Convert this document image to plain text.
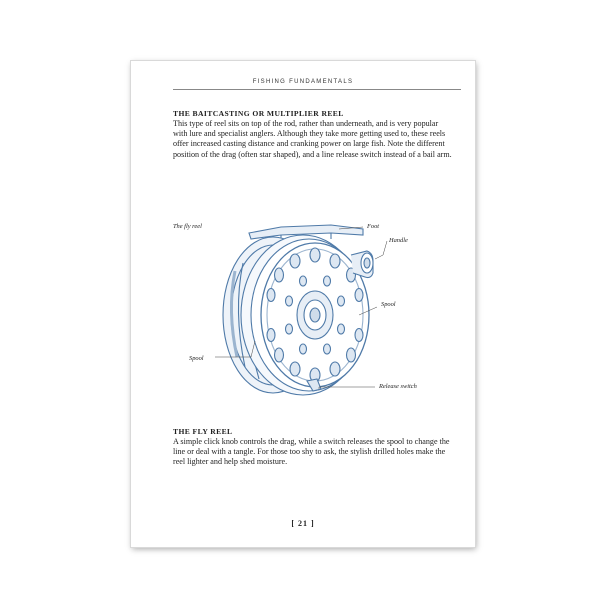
FISHING FUNDAMENTALS

THE BAITCASTING OR MULTIPLIER REEL

This type of reel sits on top of the rod, rather than underneath, and is very popular with lure and specialist anglers. Although they take more getting used to, these reels offer increased casting distance and cranking power on large fish. Note the different position of the drag (often star shaped), and a line release switch instead of a bail arm.

The fly reel	Foot
Handle
Spool
Spool
Release switch

THE FLY REEL

A simple click knob controls the drag, while a switch releases the spool to change the line or deal with a tangle. For those too shy to ask, the stylish drilled holes make the reel lighter and help shed moisture.

[ 21 ]
